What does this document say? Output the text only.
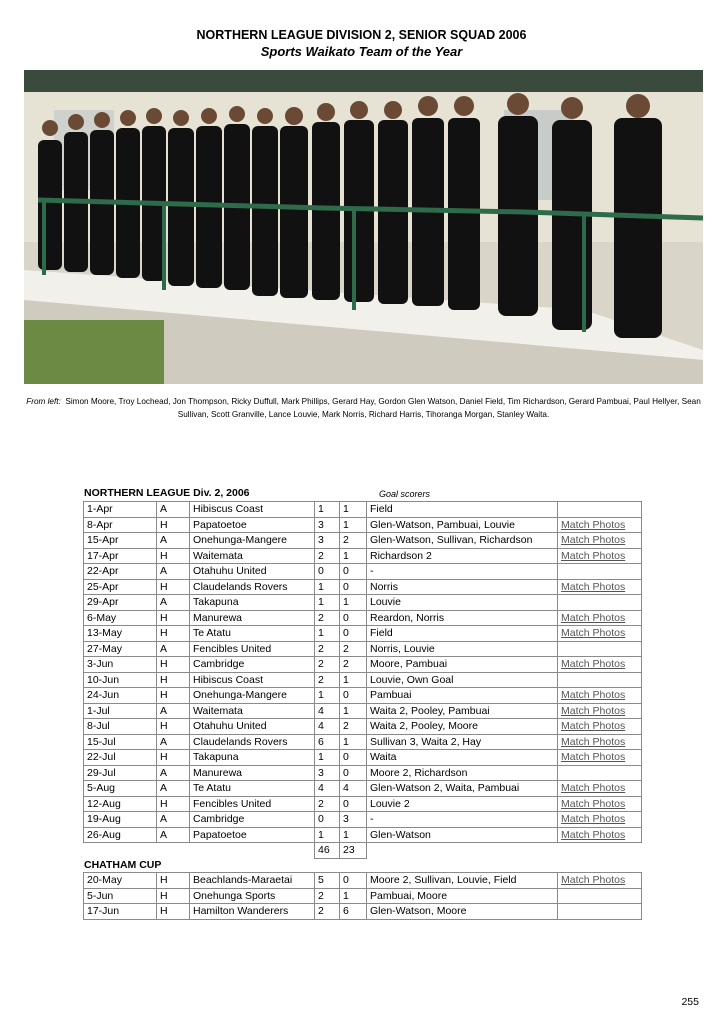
NORTHERN LEAGUE DIVISION 2, SENIOR SQUAD 2006
Sports Waikato Team of the Year
From left: Simon Moore, Troy Lochead, Jon Thompson, Ricky Duffull, Mark Phillips, Gerard Hay, Gordon Glen Watson, Daniel Field, Tim Richardson, Gerard Pambuai, Paul Hellyer, Sean Sullivan, Scott Granville, Lance Louvie, Mark Norris, Richard Harris, Tihoranga Morgan, Stanley Waita.
NORTHERN LEAGUE Div. 2, 2006	Goal scorers
1-Apr	A	Hibiscus Coast	1	1	Field	
8-Apr	H	Papatoetoe	3	1	Glen-Watson, Pambuai, Louvie	Match Photos
15-Apr	A	Onehunga-Mangere	3	2	Glen-Watson, Sullivan, Richardson	Match Photos
17-Apr	H	Waitemata	2	1	Richardson 2	Match Photos
22-Apr	A	Otahuhu United	0	0	-	
25-Apr	H	Claudelands Rovers	1	0	Norris	Match Photos
29-Apr	A	Takapuna	1	1	Louvie	
6-May	H	Manurewa	2	0	Reardon, Norris	Match Photos
13-May	H	Te Atatu	1	0	Field	Match Photos
27-May	A	Fencibles United	2	2	Norris, Louvie	
3-Jun	H	Cambridge	2	2	Moore, Pambuai	Match Photos
10-Jun	H	Hibiscus Coast	2	1	Louvie, Own Goal	
24-Jun	H	Onehunga-Mangere	1	0	Pambuai	Match Photos
1-Jul	A	Waitemata	4	1	Waita 2, Pooley, Pambuai	Match Photos
8-Jul	H	Otahuhu United	4	2	Waita 2, Pooley, Moore	Match Photos
15-Jul	A	Claudelands Rovers	6	1	Sullivan 3, Waita 2, Hay	Match Photos
22-Jul	H	Takapuna	1	0	Waita	Match Photos
29-Jul	A	Manurewa	3	0	Moore 2, Richardson	
5-Aug	A	Te Atatu	4	4	Glen-Watson 2, Waita, Pambuai	Match Photos
12-Aug	H	Fencibles United	2	0	Louvie 2	Match Photos
19-Aug	A	Cambridge	0	3	-	Match Photos
26-Aug	A	Papatoetoe	1	1	Glen-Watson	Match Photos
			46	23		
CHATHAM CUP
20-May	H	Beachlands-Maraetai	5	0	Moore 2, Sullivan, Louvie, Field	Match Photos
5-Jun	H	Onehunga Sports	2	1	Pambuai, Moore	
17-Jun	H	Hamilton Wanderers	2	6	Glen-Watson, Moore	
255
